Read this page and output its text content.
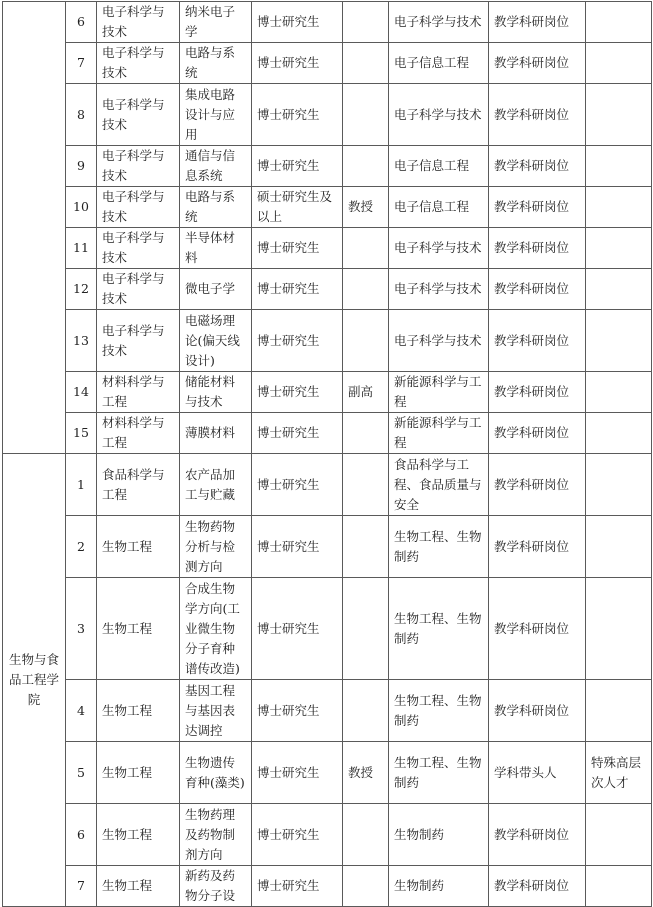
	6	电子科学与技术	纳米电子学	博士研究生		电子科学与技术	教学科研岗位	
	7	电子科学与技术	电路与系统	博士研究生		电子信息工程	教学科研岗位	
	8	电子科学与技术	集成电路设计与应用	博士研究生		电子科学与技术	教学科研岗位	
	9	电子科学与技术	通信与信息系统	博士研究生		电子信息工程	教学科研岗位	
	10	电子科学与技术	电路与系统	硕士研究生及以上	教授	电子信息工程	教学科研岗位	
	11	电子科学与技术	半导体材料	博士研究生		电子科学与技术	教学科研岗位	
	12	电子科学与技术	微电子学	博士研究生		电子科学与技术	教学科研岗位	
	13	电子科学与技术	电磁场理论(偏天线设计)	博士研究生		电子科学与技术	教学科研岗位	
	14	材料科学与工程	储能材料与技术	博士研究生	副高	新能源科学与工程	教学科研岗位	
	15	材料科学与工程	薄膜材料	博士研究生		新能源科学与工程	教学科研岗位	
生物与食品工程学院	1	食品科学与工程	农产品加工与贮藏	博士研究生		食品科学与工程、食品质量与安全	教学科研岗位	
	2	生物工程	生物药物分析与检测方向	博士研究生		生物工程、生物制药	教学科研岗位	
	3	生物工程	合成生物学方向(工业微生物分子育种谱传改造)	博士研究生		生物工程、生物制药	教学科研岗位	
	4	生物工程	基因工程与基因表达调控	博士研究生		生物工程、生物制药	教学科研岗位	
	5	生物工程	生物遗传育种(藻类)	博士研究生	教授	生物工程、生物制药	学科带头人	特殊高层次人才
	6	生物工程	生物药理及药物制剂方向	博士研究生		生物制药	教学科研岗位	
	7	生物工程	新药及药物分子设	博士研究生		生物制药	教学科研岗位	
